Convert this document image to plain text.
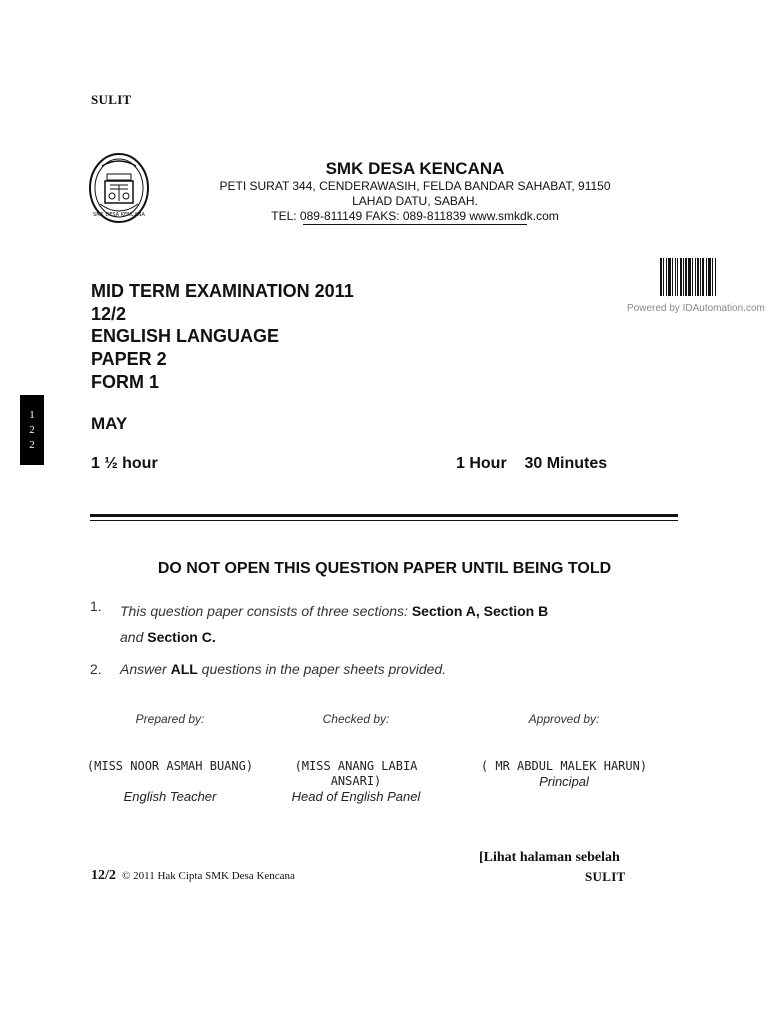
SULIT
SMK DESA KENCANA
SMK DESA KENCANA
PETI SURAT 344, CENDERAWASIH, FELDA BANDAR SAHABAT, 91150
LAHAD DATU, SABAH.
TEL: 089-811149 FAKS: 089-811839 www.smkdk.com
Powered by IDAutomation.com
1
2
2
MID TERM EXAMINATION 2011
12/2
ENGLISH LANGUAGE
PAPER 2
FORM 1
MAY
1 ½ hour	1 Hour    30 Minutes
DO NOT OPEN THIS QUESTION PAPER UNTIL BEING TOLD
1. This question paper consists of three sections: Section A, Section B
and Section C.
2. Answer ALL questions in the paper sheets provided.
Prepared by:
(MISS NOOR ASMAH BUANG)
English Teacher
Checked by:
(MISS ANANG LABIA ANSARI)
Head of English Panel
Approved by:
( MR ABDUL MALEK HARUN)
Principal
[Lihat halaman sebelah
12/2 © 2011 Hak Cipta SMK Desa Kencana	SULIT
